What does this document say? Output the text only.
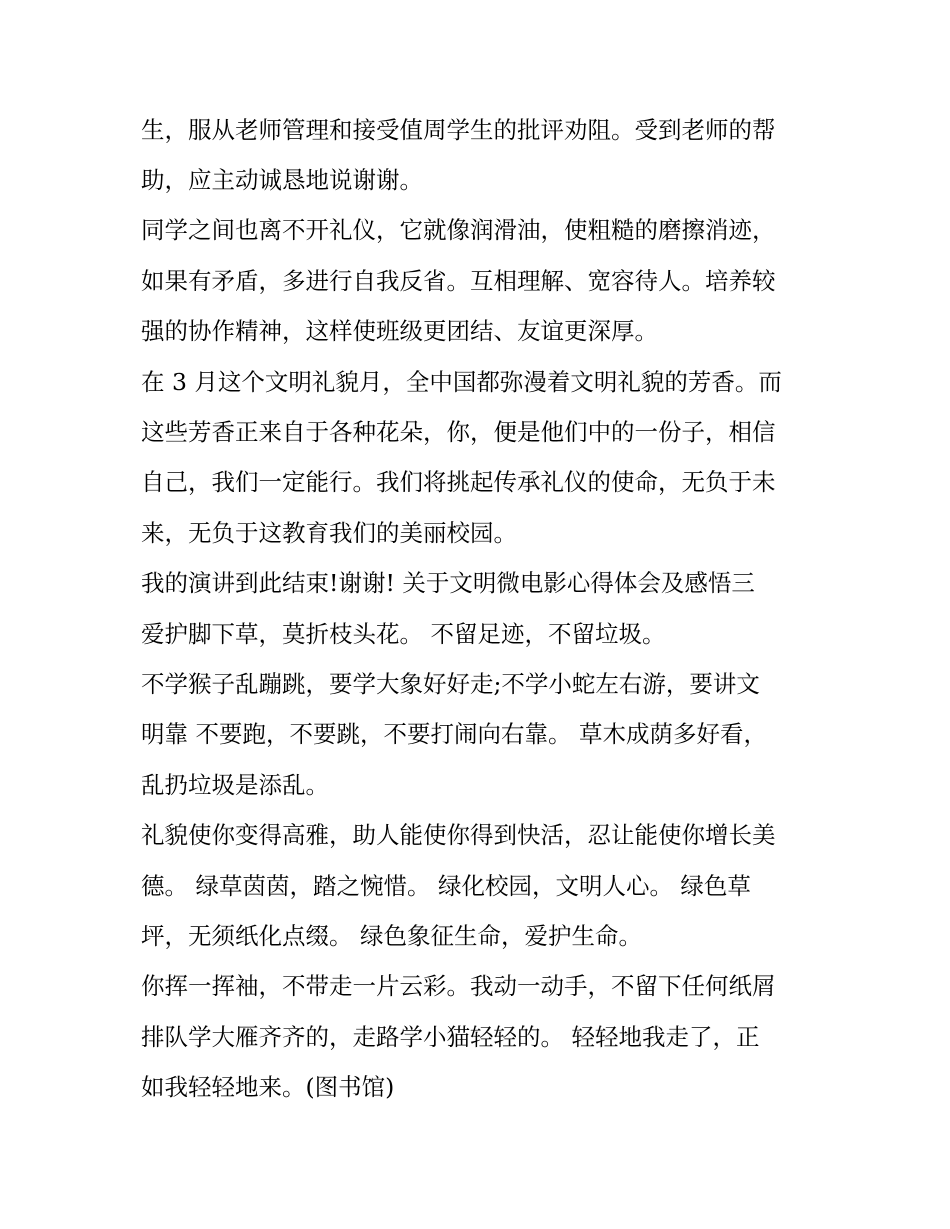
生，服从老师管理和接受值周学生的批评劝阻。受到老师的帮
助，应主动诚恳地说谢谢。
同学之间也离不开礼仪，它就像润滑油，使粗糙的磨擦消迹，
如果有矛盾，多进行自我反省。互相理解、宽容待人。培养较
强的协作精神，这样使班级更团结、友谊更深厚。
在 3 月这个文明礼貌月，全中国都弥漫着文明礼貌的芳香。而
这些芳香正来自于各种花朵，你，便是他们中的一份子，相信
自己，我们一定能行。我们将挑起传承礼仪的使命，无负于未
来，无负于这教育我们的美丽校园。
我的演讲到此结束!谢谢! 关于文明微电影心得体会及感悟三
爱护脚下草，莫折枝头花。 不留足迹，不留垃圾。
不学猴子乱蹦跳，要学大象好好走;不学小蛇左右游，要讲文
明靠 不要跑，不要跳，不要打闹向右靠。 草木成荫多好看，
乱扔垃圾是添乱。
礼貌使你变得高雅，助人能使你得到快活，忍让能使你增长美
德。 绿草茵茵，踏之惋惜。 绿化校园，文明人心。 绿色草
坪，无须纸化点缀。 绿色象征生命，爱护生命。
你挥一挥袖，不带走一片云彩。我动一动手，不留下任何纸屑
排队学大雁齐齐的，走路学小猫轻轻的。 轻轻地我走了，正
如我轻轻地来。(图书馆)
